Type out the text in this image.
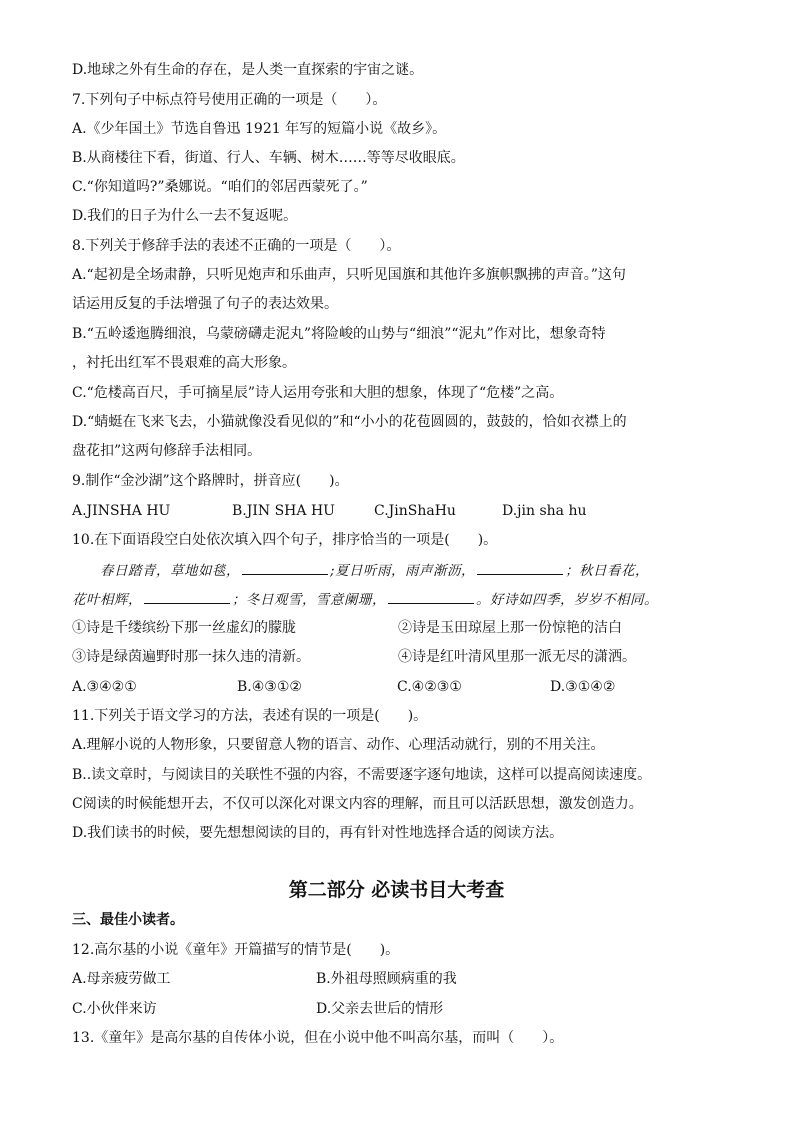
D.地球之外有生命的存在，是人类一直探索的宇宙之谜。
7.下列句子中标点符号使用正确的一项是（　　）。
A.《少年国土》节选自鲁迅 1921 年写的短篇小说《故乡》。
B.从商楼往下看，街道、行人、车辆、树木……等等尽收眼底。
C.“你知道吗?”桑娜说。“咱们的邻居西蒙死了。”
D.我们的日子为什么一去不复返呢。
8.下列关于修辞手法的表述不正确的一项是（　　）。
A.“起初是全场肃静，只听见炮声和乐曲声，只听见国旗和其他许多旗帜飘拂的声音。”这句
话运用反复的手法增强了句子的表达效果。
B.“五岭逶迤腾细浪，乌蒙磅礴走泥丸”将险峻的山势与“细浪”“泥丸”作对比，想象奇特
，衬托出红军不畏艰难的高大形象。
C.“危楼高百尺，手可摘星辰”诗人运用夸张和大胆的想象，体现了“危楼”之高。
D.“蜻蜓在飞来飞去，小猫就像没看见似的”和“小小的花苞圆圆的，鼓鼓的，恰如衣襟上的
盘花扣”这两句修辞手法相同。
9.制作“金沙湖”这个路牌时，拼音应(　　)。
A.JINSHA HU	B.JIN SHA HU	C.JinShaHu	D.jin sha hu
10.在下面语段空白处依次填入四个句子，排序恰当的一项是(　　)。
春日踏青，草地如毯，	;夏日听雨，雨声渐沥，	；秋日看花，
花叶相辉，	；冬日观雪，雪意阑珊，	。好诗如四季，岁岁不相同。
①诗是千缕缤纷下那一丝虚幻的朦胧	②诗是玉田琼屋上那一份惊艳的洁白
③诗是绿茵遍野时那一抹久违的清新。	④诗是红叶清风里那一派无尽的潇洒。
A.③④②①	B.④③①②	C.④②③①	D.③①④②
11.下列关于语文学习的方法，表述有误的一项是(　　)。
A.理解小说的人物形象，只要留意人物的语言、动作、心理活动就行，别的不用关注。
B..读文章时，与阅读目的关联性不强的内容，不需要逐字逐句地读，这样可以提高阅读速度。
C阅读的时候能想开去，不仅可以深化对课文内容的理解，而且可以活跃思想，激发创造力。
D.我们读书的时候，要先想想阅读的目的，再有针对性地选择合适的阅读方法。
第二部分 必读书目大考查
三、最佳小读者。
12.高尔基的小说《童年》开篇描写的情节是(　　)。
A.母亲疲劳做工	B.外祖母照顾病重的我
C.小伙伴来访	D.父亲去世后的情形
13.《童年》是高尔基的自传体小说，但在小说中他不叫高尔基，而叫（　　）。
